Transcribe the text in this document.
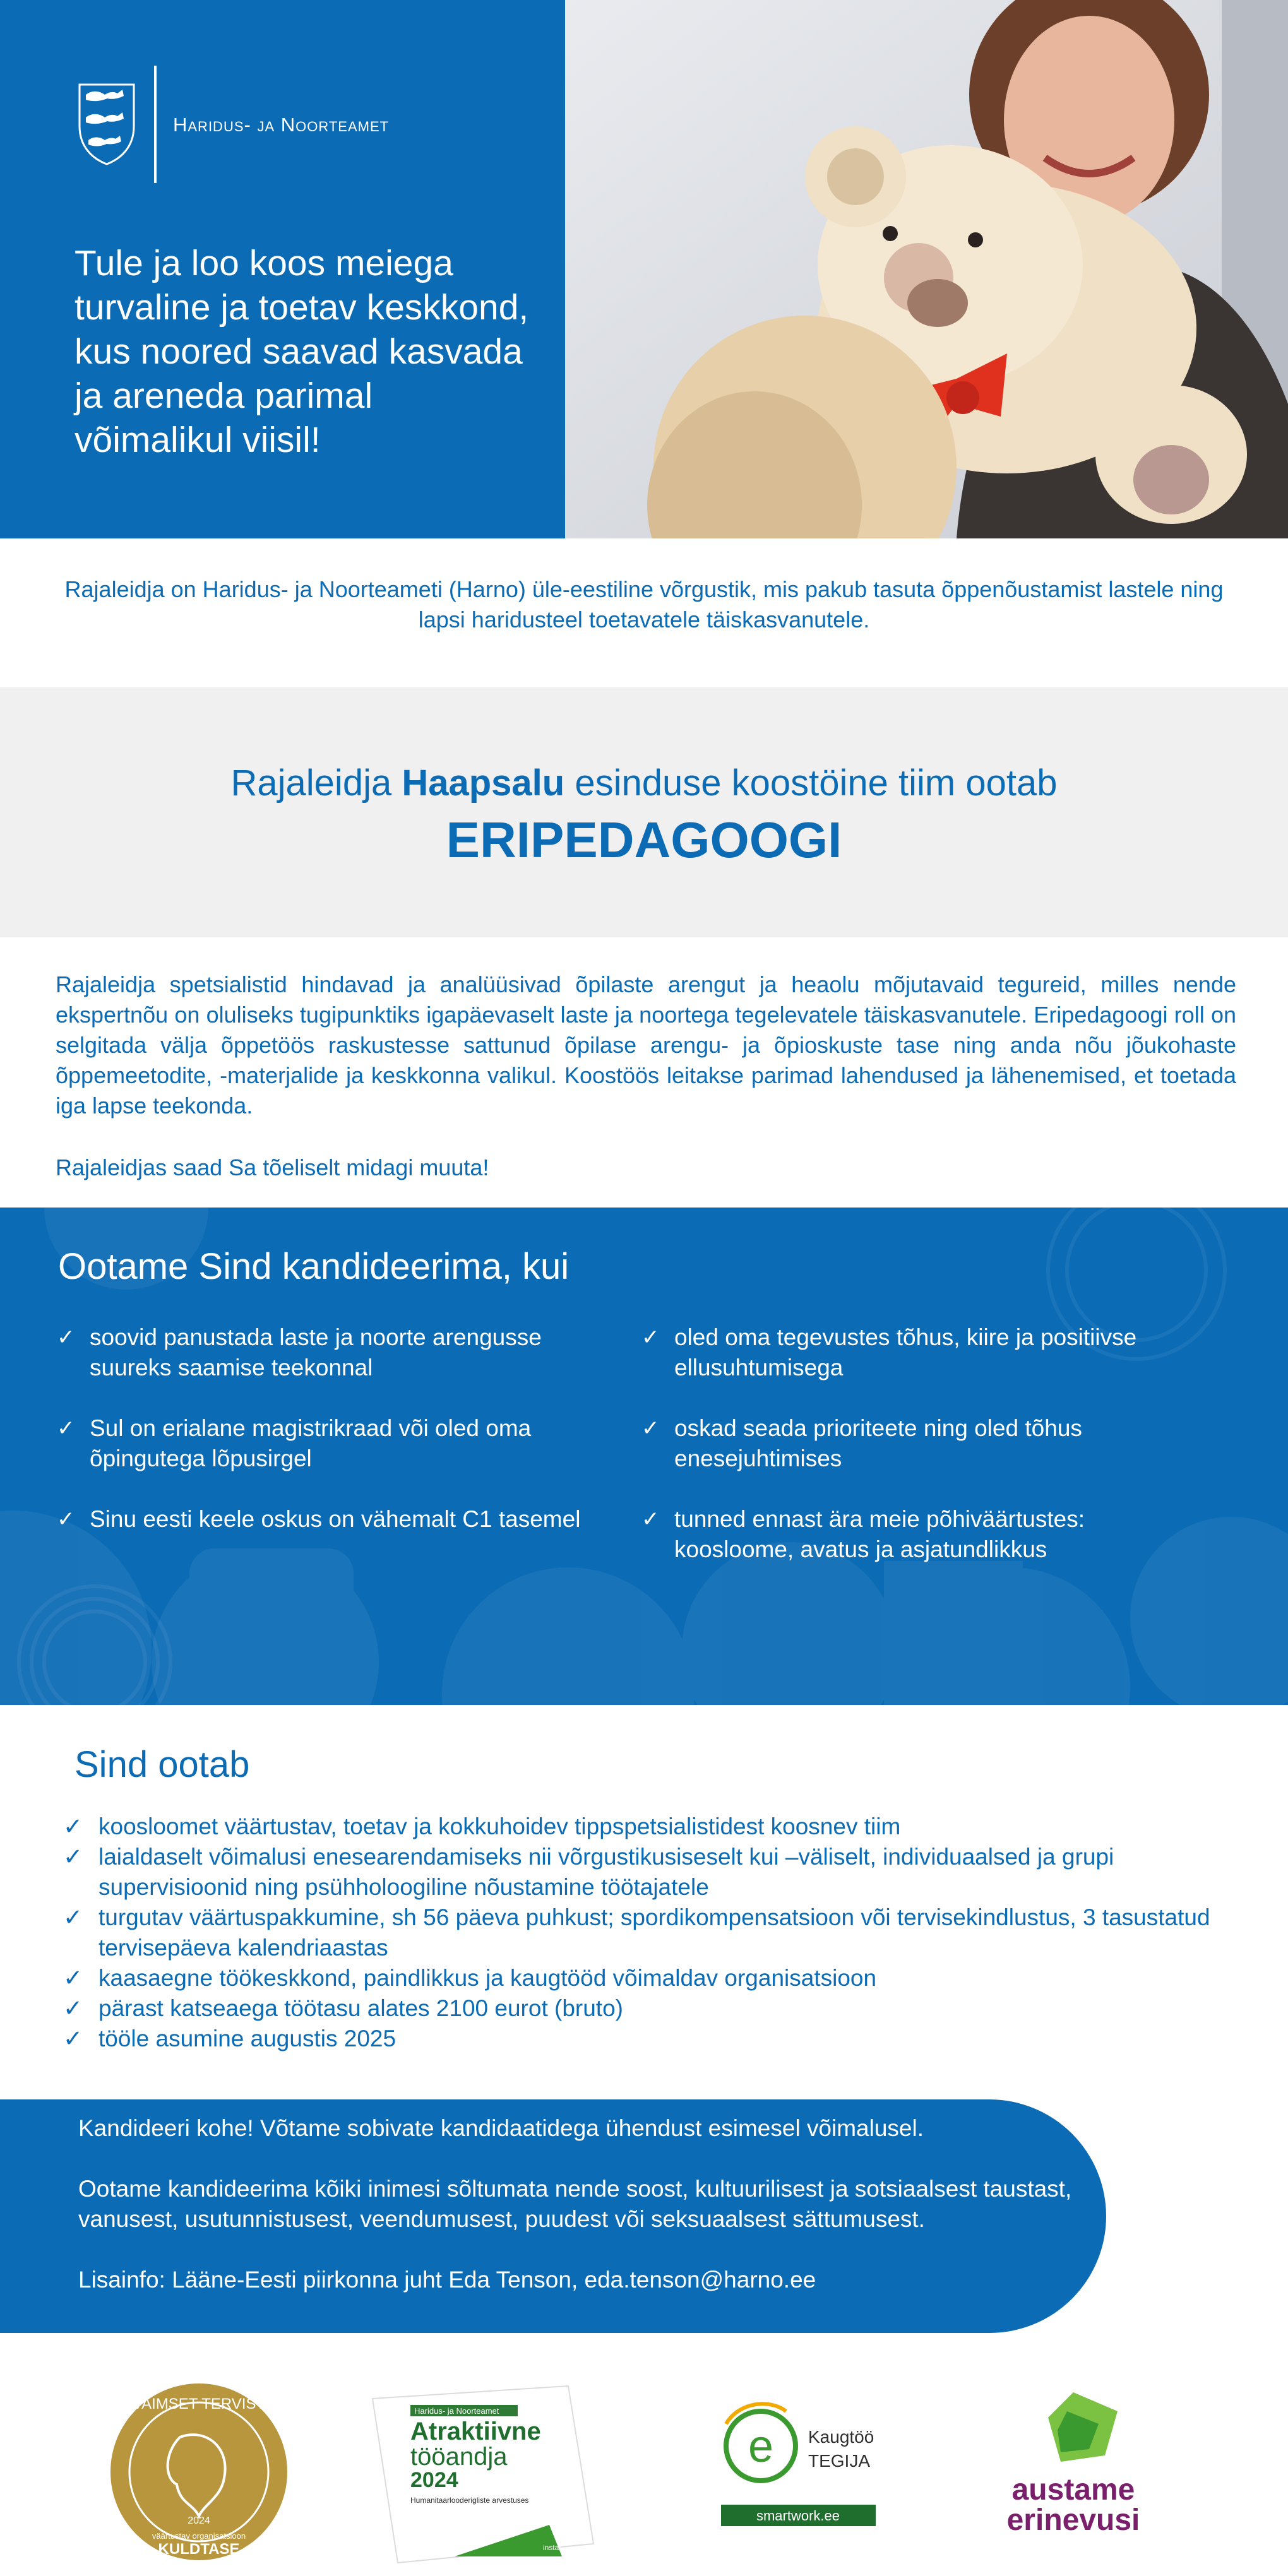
Haridus- ja Noorteamet
Tule ja loo koos meiega turvaline ja toetav keskkond, kus noored saavad kasvada ja areneda parimal võimalikul viisil!
Rajaleidja on Haridus- ja Noorteameti (Harno) üle-eestiline võrgustik, mis pakub tasuta õppenõustamist lastele ning lapsi haridusteel toetavatele täiskasvanutele.
Rajaleidja Haapsalu esinduse koostöine tiim ootab
ERIPEDAGOOGI
Rajaleidja spetsialistid hindavad ja analüüsivad õpilaste arengut ja heaolu mõjutavaid tegureid, milles nende ekspertnõu on oluliseks tugipunktiks igapäevaselt laste ja noortega tegelevatele täiskasvanutele. Eripedagoogi roll on selgitada välja õppetöös raskustesse sattunud õpilase arengu- ja õpioskuste tase ning anda nõu jõukohaste õppemeetodite, -materjalide ja keskkonna valikul. Koostöös leitakse parimad lahendused ja lähenemised, et toetada iga lapse teekonda.
Rajaleidjas saad Sa tõeliselt midagi muuta!
Ootame Sind kandideerima, kui
✓ soovid panustada laste ja noorte arengusse suureks saamise teekonnal
✓ Sul on erialane magistrikraad või oled oma õpingutega lõpusirgel
✓ Sinu eesti keele oskus on vähemalt C1 tasemel
✓ oled oma tegevustes tõhus, kiire ja positiivse ellusuhtumisega
✓ oskad seada prioriteete ning oled tõhus enesejuhtimises
✓ tunned ennast ära meie põhiväärtustes: koosloome, avatus ja asjatundlikkus
Sind ootab
✓ koosloomet väärtustav, toetav ja kokkuhoidev tippspetsialistidest koosnev tiim
✓ laialdaselt võimalusi enesearendamiseks nii võrgustikusiseselt kui –väliselt, individuaalsed ja grupi supervisioonid ning psühholoogiline nõustamine töötajatele
✓ turgutav väärtuspakkumine, sh 56 päeva puhkust; spordikompensatsioon või tervisekindlustus, 3 tasustatud tervisepäeva kalendriaastas
✓ kaasaegne töökeskkond, paindlikkus ja kaugtööd võimaldav organisatsioon
✓ pärast katseaega töötasu alates 2100 eurot (bruto)
✓ tööle asumine augustis 2025

Kandideeri kohe! Võtame sobivate kandidaatidega ühendust esimesel võimalusel.

Ootame kandideerima kõiki inimesi sõltumata nende soost, kultuurilisest ja sotsiaalsest taustast, vanusest, usutunnistusest, veendumusest, puudest või seksuaalsest sättumusest.

Lisainfo: Lääne-Eesti piirkonna juht Eda Tenson, eda.tenson@harno.ee

VAIMSET TERVIST
2024
väärtustav organisatsioon
KULDTASE
Haridus- ja Noorteamet
Atraktiivne
tööandja
2024
Humanitaarlooderigliste arvestuses
instar
e Kaugtöö
TEGIJA
smartwork.ee
austame
erinevusi
